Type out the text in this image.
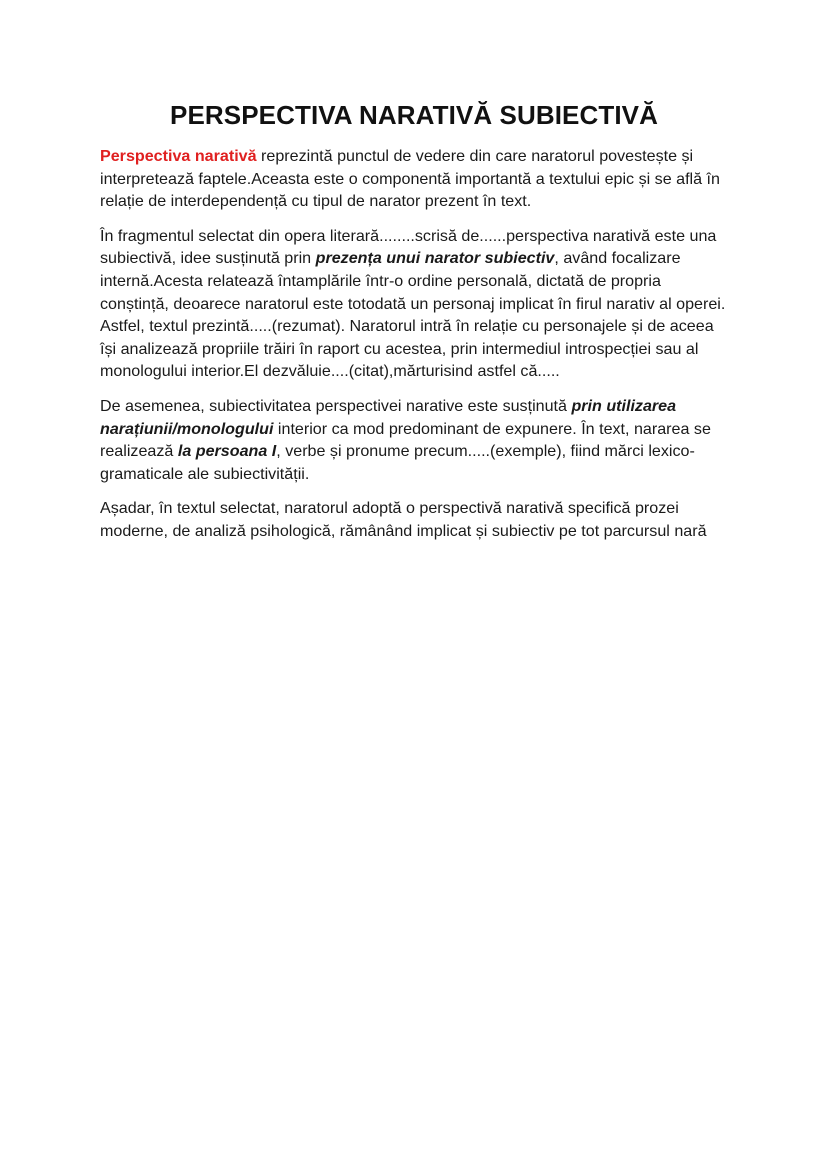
PERSPECTIVA NARATIVĂ SUBIECTIVĂ

Perspectiva narativă reprezintă punctul de vedere din care naratorul povestește și interpretează faptele.Aceasta este o componentă importantă a textului epic și se află în relație de interdependență cu tipul de narator prezent în text.

În fragmentul selectat din opera literară........scrisă de......perspectiva narativă este una subiectivă, idee susținută prin prezența unui narator subiectiv, având focalizare internă.Acesta relatează întamplările într-o ordine personală, dictată de propria conștință, deoarece naratorul este totodată un personaj implicat în firul narativ al operei. Astfel, textul prezintă.....(rezumat). Naratorul intră în relație cu personajele și de aceea își analizează propriile trăiri în raport cu acestea, prin intermediul introspecției sau al monologului interior.El dezvăluie....(citat),mărturisind astfel că.....

De asemenea, subiectivitatea perspectivei narative este susținută prin utilizarea narațiunii/monologului interior ca mod predominant de expunere. În text, nararea se realizează la persoana I, verbe și pronume precum.....(exemple), fiind mărci lexico-gramaticale ale subiectivității.

Așadar, în textul selectat, naratorul adoptă o perspectivă narativă specifică prozei moderne, de analiză psihologică, rămânând implicat și subiectiv pe tot parcursul nară
